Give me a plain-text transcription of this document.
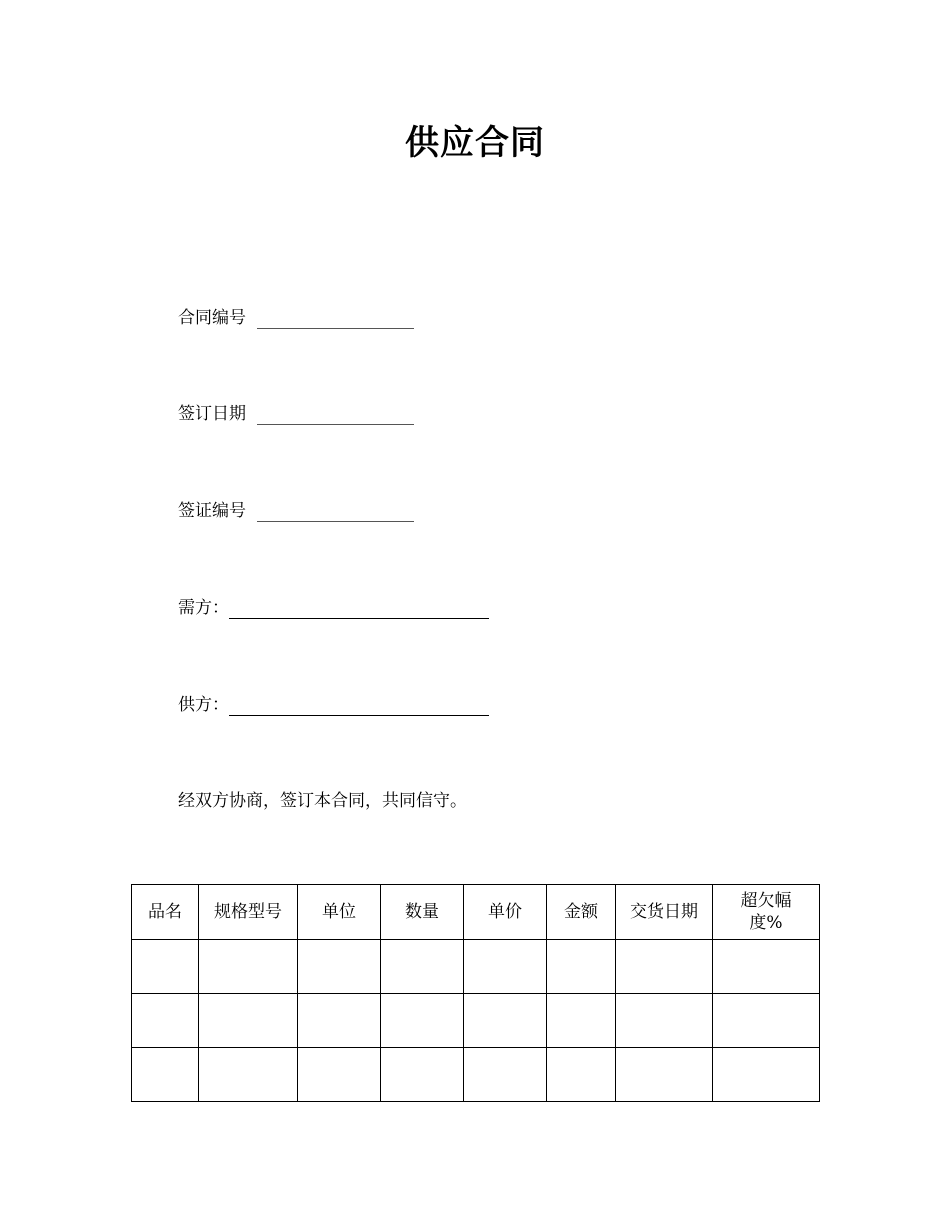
供应合同
合同编号
签订日期
签证编号
需方：
供方：
经双方协商，签订本合同，共同信守。
品名	规格型号	单位	数量	单价	金额	交货日期	超欠幅
度%
